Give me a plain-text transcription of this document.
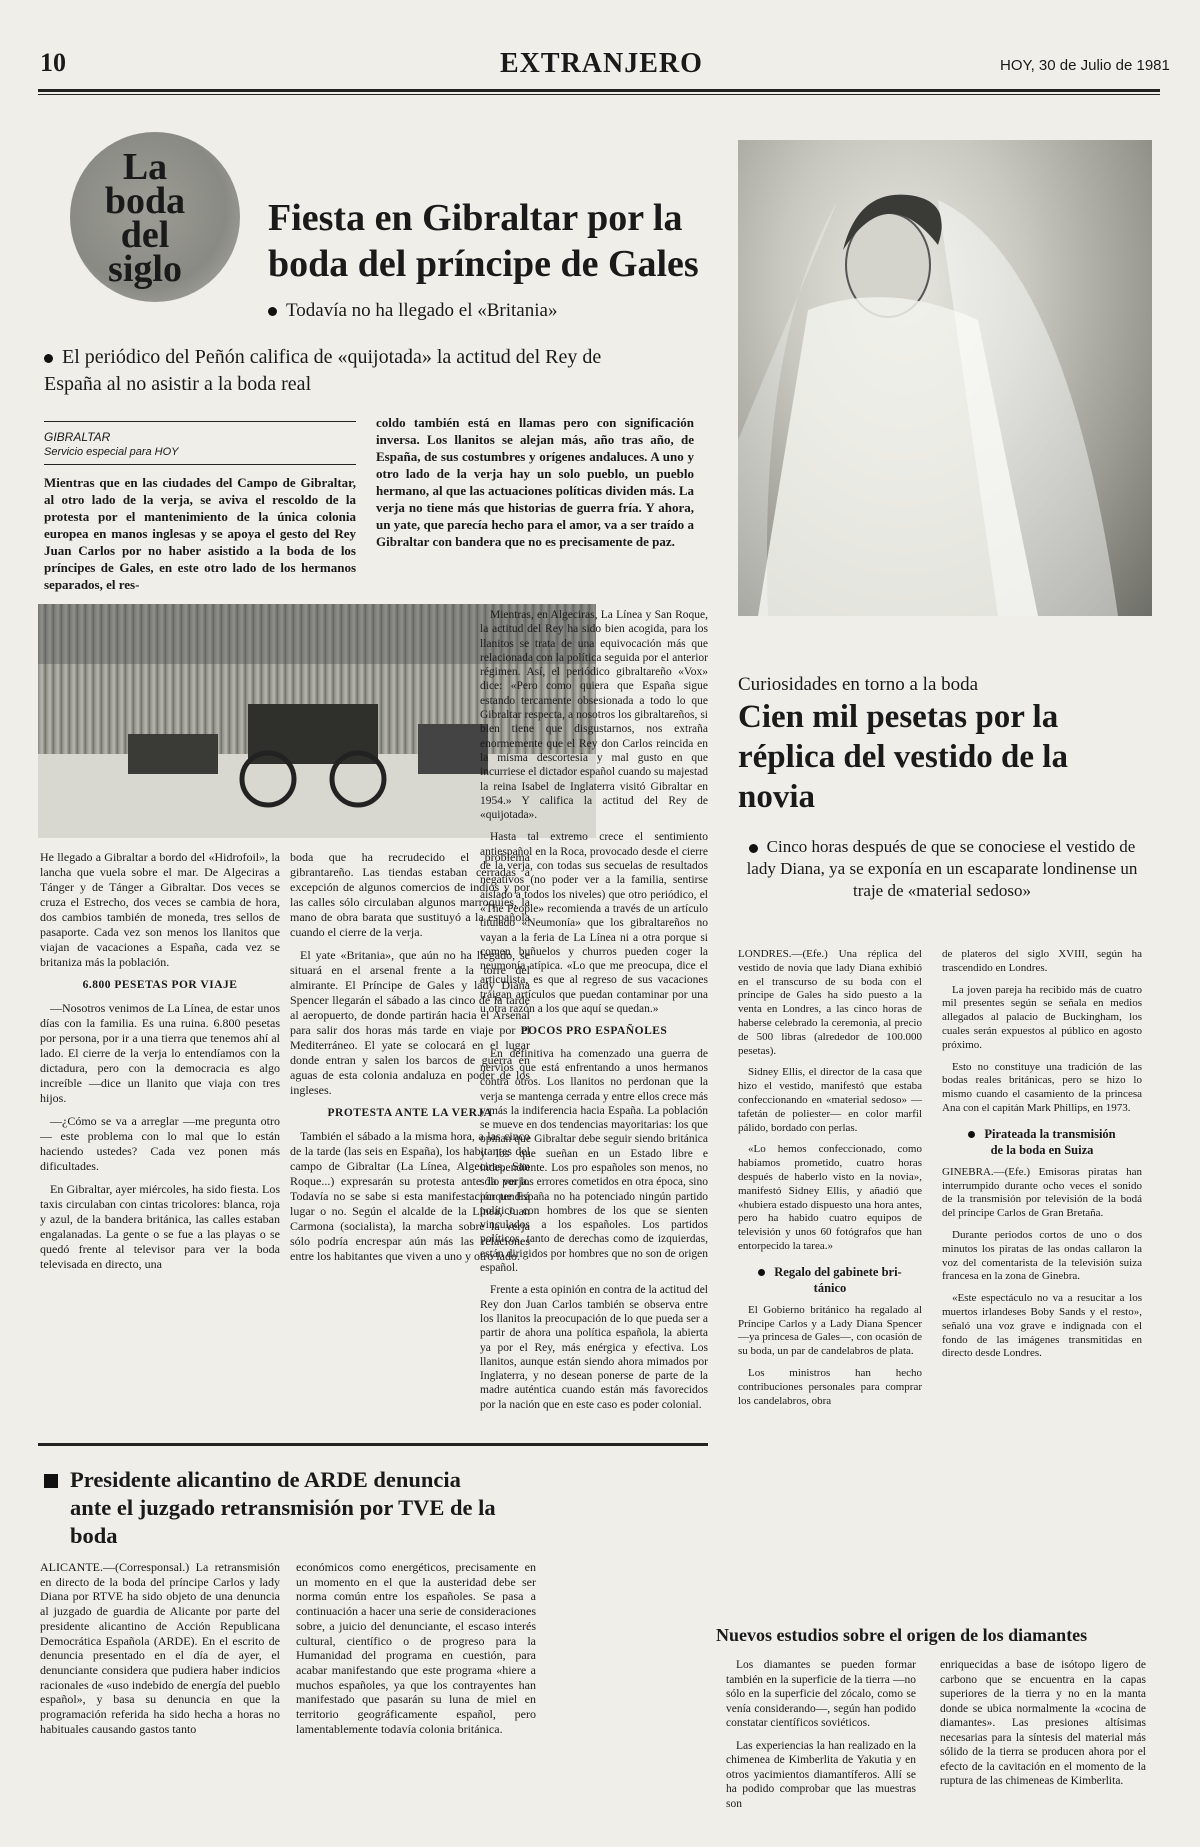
10	EXTRANJERO	HOY, 30 de Julio de 1981
La
boda
del
siglo
Fiesta en Gibraltar por la
boda del príncipe de Gales
Todavía no ha llegado el «Britania»
El periódico del Peñón califica de «quijotada» la actitud del Rey de
España al no asistir a la boda real
GIBRALTAR
Servicio especial para HOY
Mientras que en las ciudades del Campo de Gibraltar, al otro lado de la verja, se aviva el rescoldo de la protesta por el mantenimiento de la única colonia europea en manos inglesas y se apoya el gesto del Rey Juan Carlos por no haber asistido a la boda de los príncipes de Gales, en este otro lado de los hermanos separados, el res-
coldo también está en llamas pero con significación inversa. Los llanitos se alejan más, año tras año, de España, de sus costumbres y orígenes andaluces. A uno y otro lado de la verja hay un solo pueblo, un pueblo hermano, al que las actuaciones políticas dividen más. La verja no tiene más que historias de guerra fría. Y ahora, un yate, que parecía hecho para el amor, va a ser traído a Gibraltar con bandera que no es precisamente de paz.

He llegado a Gibraltar a bordo del «Hidrofoil», la lancha que vuela sobre el mar. De Algeciras a Tánger y de Tánger a Gibraltar. Dos veces se cruza el Estrecho, dos veces se cambia de hora, dos cambios también de moneda, tres sellos de pasaporte. Cada vez son menos los llanitos que viajan de vacaciones a España, cada vez se britaniza más la población.

6.800 PESETAS POR VIAJE

—Nosotros venimos de La Línea, de estar unos días con la familia. Es una ruina. 6.800 pesetas por persona, por ir a una tierra que tenemos ahí al lado. El cierre de la verja lo entendíamos con la dictadura, pero con la democracia es algo increíble —dice un llanito que viaja con tres hijos.

—¿Cómo se va a arreglar —me pregunta otro— este problema con lo mal que lo están haciendo ustedes? Cada vez ponen más dificultades.

En Gibraltar, ayer miércoles, ha sido fiesta. Los taxis circulaban con cintas tricolores: blanca, roja y azul, de la bandera británica, las calles estaban engalanadas. La gente o se fue a las playas o se quedó frente al televisor para ver la boda televisada en directo, una

boda que ha recrudecido el problema gibrantareño. Las tiendas estaban cerradas a excepción de algunos comercios de indios y por las calles sólo circulaban algunos marroquíes, la mano de obra barata que sustituyó a la española cuando el cierre de la verja.

El yate «Britania», que aún no ha llegado, se situará en el arsenal frente a la torre del almirante. El Príncipe de Gales y lady Diana Spencer llegarán el sábado a las cinco de la tarde al aeropuerto, de donde partirán hacia el Arsenal para salir dos horas más tarde en viaje por el Mediterráneo. El yate se colocará en el lugar donde entran y salen los barcos de guerra en aguas de esta colonia andaluza en poder de los ingleses.

PROTESTA ANTE LA VERJA

También el sábado a la misma hora, a las cinco de la tarde (las seis en España), los habitantes del campo de Gibraltar (La Línea, Algeciras, San Roque...) expresarán su protesta ante la verja. Todavía no se sabe si esta manifestación tendrá lugar o no. Según el alcalde de la Línea, Juan Carmona (socialista), la marcha sobre la verja sólo podría encrespar aún más las relaciones entre los habitantes que viven a uno y otro lado.

Mientras, en Algeciras, La Línea y San Roque, la actitud del Rey ha sido bien acogida, para los llanitos se trata de una equivocación más que relacionada con la política seguida por el anterior régimen. Así, el periódico gibraltareño «Vox» dice: «Pero como quiera que España sigue estando tercamente obsesionada a todo lo que Gibraltar respecta, a nosotros los gibraltareños, si bien tiene que disgustarnos, nos extraña enormemente que el Rey don Carlos reincida en la misma descortesía y mal gusto en que incurriese el dictador español cuando su majestad la reina Isabel de Inglaterra visitó Gibraltar en 1954.» Y califica la actitud del Rey de «quijotada».

Hasta tal extremo crece el sentimiento antiespañol en la Roca, provocado desde el cierre de la verja, con todas sus secuelas de resultados negativos (no poder ver a la familia, sentirse aislado a todos los niveles) que otro periódico, el «The People» recomienda a través de un artículo titulado «Neumonía» que los gibraltareños no vayan a la feria de La Línea ni a otra porque si comen buñuelos y churros pueden coger la neumonía atípica. «Lo que me preocupa, dice el articulista, es que al regreso de sus vacaciones traigan artículos que puedan contaminar por una u otra razón a los que aquí se quedan.»

POCOS PRO ESPAÑOLES

En definitiva ha comenzado una guerra de nervios que está enfrentando a unos hermanos contra otros. Los llanitos no perdonan que la verja se mantenga cerrada y entre ellos crece más y más la indiferencia hacia España. La población se mueve en dos tendencias mayoritarias: los que opinan que Gibraltar debe seguir siendo británica y los que sueñan en un Estado libre e independiente. Los pro españoles son menos, no sólo por los errores cometidos en otra época, sino porque España no ha potenciado ningún partido político con hombres de los que se sienten vinculados a los españoles. Los partidos políticos, tanto de derechas como de izquierdas, están dirigidos por hombres que no son de origen español.

Frente a esta opinión en contra de la actitud del Rey don Juan Carlos también se observa entre los llanitos la preocupación de lo que pueda ser a partir de ahora una política española, la abierta ya por el Rey, más enérgica y efectiva. Los llanitos, aunque están siendo ahora mimados por Inglaterra, y no desean ponerse de parte de la madre auténtica cuando están más favorecidos por la nación que en este caso es poder colonial.

Curiosidades en torno a la boda
Cien mil pesetas por la
réplica del vestido de la
novia
Cinco horas después de que se conociese el vestido de lady Diana, ya se exponía en un escaparate londinense un traje de «material sedoso»

LONDRES.—(Efe.) Una réplica del vestido de novia que lady Diana exhibió en el transcurso de su boda con el príncipe de Gales ha sido puesto a la venta en Londres, a las cinco horas de haberse celebrado la ceremonia, al precio de 500 libras (alrededor de 100.000 pesetas).

Sidney Ellis, el director de la casa que hizo el vestido, manifestó que estaba confeccionando en «material sedoso» —tafetán de poliester— en color marfil pálido, bordado con perlas.

«Lo hemos confeccionado, como habíamos prometido, cuatro horas después de haberlo visto en la novia», manifestó Sidney Ellis, y añadió que «hubiera estado dispuesto una hora antes, pero ha habido cuatro equipos de televisión y unos 60 fotógrafos que han entorpecido la tarea.»

Regalo del gabinete bri-
tánico

El Gobierno británico ha regalado al Príncipe Carlos y a Lady Diana Spencer —ya princesa de Gales—, con ocasión de su boda, un par de candelabros de plata.

Los ministros han hecho contribuciones personales para comprar los candelabros, obra

de plateros del siglo XVIII, según ha trascendido en Londres.

La joven pareja ha recibido más de cuatro mil presentes según se señala en medios allegados al palacio de Buckingham, los cuales serán expuestos al público en agosto próximo.

Esto no constituye una tradición de las bodas reales británicas, pero se hizo lo mismo cuando el casamiento de la princesa Ana con el capitán Mark Phillips, en 1973.

Pirateada la transmisión
de la boda en Suiza

GINEBRA.—(Efe.) Emisoras piratas han interrumpido durante ocho veces el sonido de la transmisión por televisión de la bodá del príncipe Carlos de Gran Bretaña.

Durante periodos cortos de uno o dos minutos los piratas de las ondas callaron la voz del comentarista de la televisión suiza francesa en la zona de Ginebra.

«Este espectáculo no va a resucitar a los muertos irlandeses Boby Sands y el resto», señaló una voz grave e indignada con el fondo de las imágenes transmitidas en directo desde Londres.

Presidente alicantino de ARDE denuncia
ante el juzgado retransmisión por TVE de la
boda

ALICANTE.—(Corresponsal.) La retransmisión en directo de la boda del príncipe Carlos y lady Diana por RTVE ha sido objeto de una denuncia al juzgado de guardia de Alicante por parte del presidente alicantino de Acción Republicana Democrática Española (ARDE). En el escrito de denuncia presentado en el día de ayer, el denunciante considera que pudiera haber indicios racionales de «uso indebido de energía del pueblo español», y basa su denuncia en que la programación referida ha sido hecha a horas no habituales causando gastos tanto

económicos como energéticos, precisamente en un momento en el que la austeridad debe ser norma común entre los españoles. Se pasa a continuación a hacer una serie de consideraciones sobre, a juicio del denunciante, el escaso interés cultural, científico o de progreso para la Humanidad del programa en cuestión, para acabar manifestando que este programa «hiere a muchos españoles, ya que los contrayentes han manifestado que pasarán su luna de miel en territorio geográficamente español, pero lamentablemente todavía colonia británica.

Nuevos estudios sobre el origen de los diamantes

Los diamantes se pueden formar también en la superficie de la tierra —no sólo en la superficie del zócalo, como se venía considerando—, según han podido constatar científicos soviéticos.

Las experiencias la han realizado en la chimenea de Kimberlita de Yakutia y en otros yacimientos diamantíferos. Allí se ha podido comprobar que las muestras son

enriquecidas a base de isótopo ligero de carbono que se encuentra en la capas superiores de la tierra y no en la manta donde se ubica normalmente la «cocina de diamantes». Las presiones altísimas necesarias para la síntesis del material más sólido de la tierra se producen ahora por el efecto de la cavitación en el momento de la ruptura de las chimeneas de Kimberlita.
